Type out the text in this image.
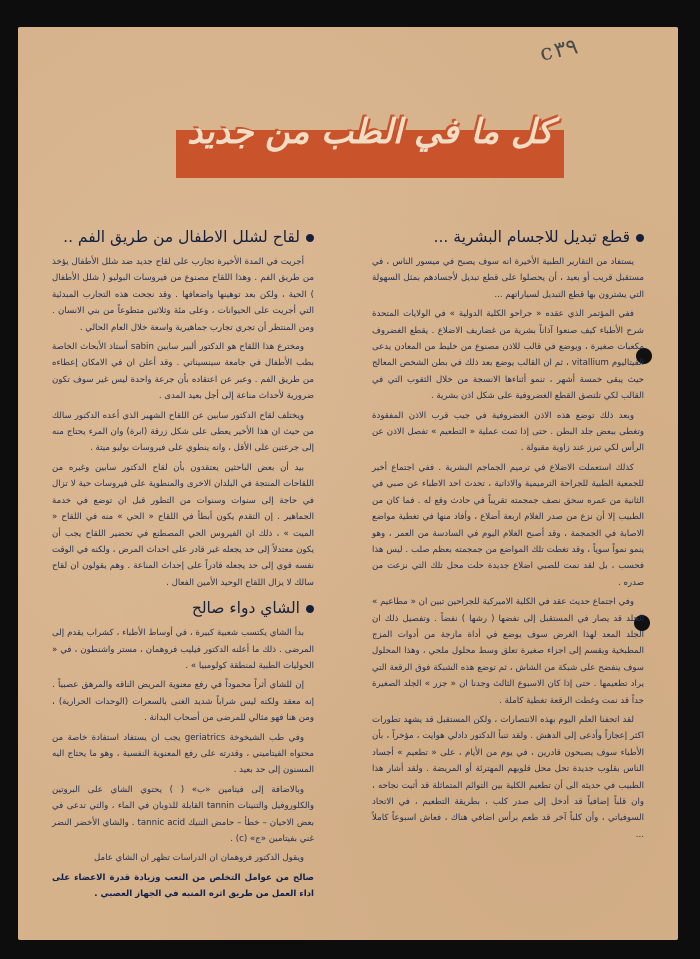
c٣٩
كل ما في الطب من جديد
قطع تبديل للاجسام البشرية ...

يستفاد من التقارير الطبية الأخيرة انه سوف يصبح في ميسور الناس ، في مستقبل قريب أو بعيد ، أن يحصلوا على قطع تبديل لأجسادهم بمثل السهولة التي يشترون بها قطع التبديل لسياراتهم ...

ففي المؤتمر الذي عقده « جراحو الكلية الدولية » في الولايات المتحدة شرح الأطباء كيف صنعوا آذاناً بشرية من غضاريف الاضلاع . يقطع الغضروف مكعبات صغيرة ، ويوضع في قالب للاذن مصنوع من خليط من المعادن يدعى الفيتاليوم vitallium ، ثم ان القالب يوضع بعد ذلك في بطن الشخص المعالج حيث يبقى خمسة أشهر ، تنمو أثناءها الانسجة من خلال الثقوب التي في القالب لكي تلتصق القطع الغضروفية على شكل اذن بشرية .

وبعد ذلك توضع هذه الاذن الغضروفية في جيب قرب الاذن المفقودة وتغطى ببعض جلد البطن . حتى إذا تمت عملية « التطعيم » تفصل الاذن عن الرأس لكي تبرز عند زاوية مقبولة .

كذلك استعملت الاضلاع في ترميم الجماجم البشرية . ففي اجتماع أخير للجمعية الطبية للجراحة الترميمية والاذاتية ، تحدث احد الاطباء عن صبي في الثانية من عمره سحق نصف جمجمته تقريباً في حادث وقع له . فما كان من الطبيب إلا أن نزع من صدر الغلام اربعة أضلاع ، وأفاد منها في تغطية مواضع الاصابة في الجمجمة ، وقد أصبح الغلام اليوم في السادسة من العمر ، وهو ينمو نمواً سوياً ، وقد تغطت تلك المواضع من جمجمته بعظم صلب . ليس هذا فحسب ، بل لقد نمت للصبي اضلاع جديدة حلت محل تلك التي نزعت من صدره .

وفي اجتماع حديث عقد في الكلية الاميركية للجراحين تبين ان « مطاعيم » الجلد قد يصار في المستقبل إلى نفضها ( رشها ) نفضاً . وتفصيل ذلك ان الجلد المعد لهذا الغرض سوف يوضع في أداة مازجة من أدوات المزج المطبخية ويقسم إلى اجزاء صغيرة تعلق وسط محلول ملحي ، وهذا المحلول سوف ينفضح على شبكة من الشاش ، ثم توضع هذه الشبكة فوق الرقعة التي يراد تطعيمها . حتى إذا كان الاسبوع الثالث وجدنا ان « جزر » الجلد الصغيرة جداً قد نمت وغطت الرقعة تغطية كاملة .

لقد اتحفنا العلم اليوم بهذه الانتصارات ، ولكن المستقبل قد يشهد تطورات اكثر إعجازاً وأدعى إلى الدهش . ولقد تنبأ الدكتور دادلي هوايت ، مؤخراً ، بأن الأطباء سوف يصبحون قادرين ، في يوم من الأيام ، على « تطعيم » أجساد الناس بقلوب جديدة تحل محل قلوبهم المهترئة أو المريضة . ولقد أشار هذا الطبيب في حديثه الى أن تطعيم الكلية بين التوائم المتماثلة قد أثبت نجاحه ، وان قلباً إضافياً قد أدخل إلى صدر كلب ، بطريقة التطعيم ، في الاتحاد السوفياتي ، وأن كلباً آخر قد طعم برأس اضافي هناك ، فعاش اسبوعاً كاملاً ...

لقاح لشلل الاطفال من طريق الفم ..

أجريت في المدة الأخيرة تجارب على لقاح جديد ضد شلل الأطفال يؤخذ من طريق الفم . وهذا اللقاح مصنوع من فيروسات البوليو ( شلل الأطفال ) الحية ، ولكن بعد توهينها واضعافها . وقد نجحت هذه التجارب المبدئية التي أجريت على الحيوانات ، وعلى مئة وثلاثين متطوعاً من بني الانسان . ومن المنتظر أن تجري تجارب جماهيرية واسعة خلال العام الحالي .

ومخترع هذا اللقاح هو الدكتور ألبير سابين sabin أستاذ الأبحاث الخاصة بطب الأطفال في جامعة سينسيناتي . وقد أعلن ان في الامكان إعطاءه من طريق الفم . وعبر عن اعتقاده بأن جرعة واحدة ليس غير سوف تكون ضرورية لأحداث مناعة إلى أجل بعيد المدى .

ويختلف لقاح الدكتور سابين عن اللقاح الشهير الذي أعده الدكتور سالك من حيث ان هذا الأخير يعطى على شكل زرقة (ابرة) وان المرء يحتاج منه إلى جرعتين على الأقل ، وانه ينطوي على فيروسات بوليو ميتة .

بيد أن بعض الباحثين يعتقدون بأن لقاح الدكتور سابين وغيره من اللقاحات المنتجة في البلدان الاخرى والمنطوية على فيروسات حية لا تزال في حاجة إلى سنوات وسنوات من التطور قبل ان توضع في خدمة الجماهير . إن التقدم يكون أبطأ في اللقاح « الحي » منه في اللقاح « الميت » ، ذلك ان الفيروس الحي المصطنع في تحضير اللقاح يجب أن يكون معتدلاً إلى حد يجعله غير قادر على احداث المرض ، ولكنه في الوقت نفسه قوي إلى حد يجعله قادراً على إحداث المناعة . وهم يقولون ان لقاح سالك لا يزال اللقاح الوحيد الأمين الفعال .

الشاي دواء صالح

بدأ الشاي يكتسب شعبية كبيرة ، في أوساط الأطباء ، كشراب يقدم إلى المرضى . ذلك ما أعلنه الدكتور فيليب فروهمان ، مستر واشنطون ، في « الحوليات الطبية لمنطقة كولومبيا » .

إن للشاي أثراً محموداً في رفع معنوية المريض الناقه والمرهق عصبياً . إنه معقد ولكنه ليس شراباً شديد الغنى بالسعرات (الوحدات الحرارية) ، ومن هنا فهو مثالي للمرضى من أصحاب البدانة .

وفي طب الشيخوخة geriatrics يجب ان يستفاد استفادة خاصة من محتواه الفيتاميني ، وقدرته على رفع المعنوية النفسية ، وهو ما يحتاج اليه المسنون إلى حد بعيد .

وبالاضافة إلى فيتامين «ب» ( ) يحتوي الشاي على البروتين والكلوروفيل والتنينات tannin القابلة للذوبان في الماء ، والتي تدعى في بعض الاحيان – خطأ – حامض التنيك tannic acid . والشاي الأخضر النضر غني بفيتامين «ج» (c) .

ويقول الدكتور فروهمان ان الدراسات تظهر ان الشاي عامل

صالح من عوامل التخلص من التعب وزيادة قدرة الاعضاء على اداء العمل من طريق اثره المنبه في الجهاز العصبي .
